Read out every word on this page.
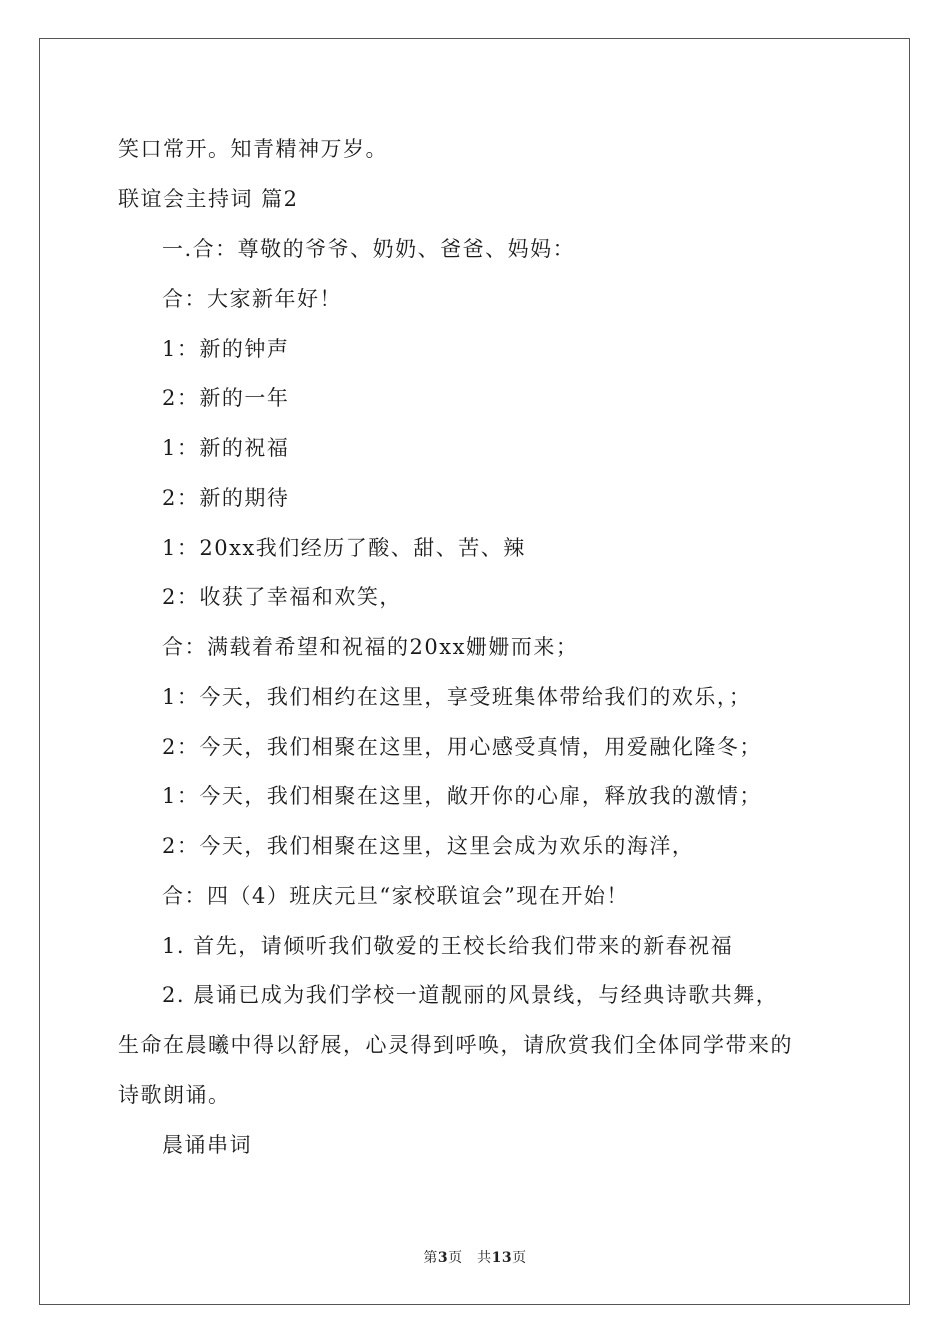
笑口常开。知青精神万岁。
联谊会主持词 篇2
一.合：尊敬的爷爷、奶奶、爸爸、妈妈：
合：大家新年好！
1：新的钟声
2：新的一年
1：新的祝福
2：新的期待
1：20xx我们经历了酸、甜、苦、辣
2：收获了幸福和欢笑，
合：满载着希望和祝福的20xx姗姗而来；
1：今天，我们相约在这里，享受班集体带给我们的欢乐，；
2：今天，我们相聚在这里，用心感受真情，用爱融化隆冬；
1：今天，我们相聚在这里，敞开你的心扉，释放我的激情；
2：今天，我们相聚在这里，这里会成为欢乐的海洋，
合：四（4）班庆元旦“家校联谊会”现在开始！
1. 首先，请倾听我们敬爱的王校长给我们带来的新春祝福
2. 晨诵已成为我们学校一道靓丽的风景线，与经典诗歌共舞，
生命在晨曦中得以舒展，心灵得到呼唤，请欣赏我们全体同学带来的
诗歌朗诵。
晨诵串词
第3页　共13页
